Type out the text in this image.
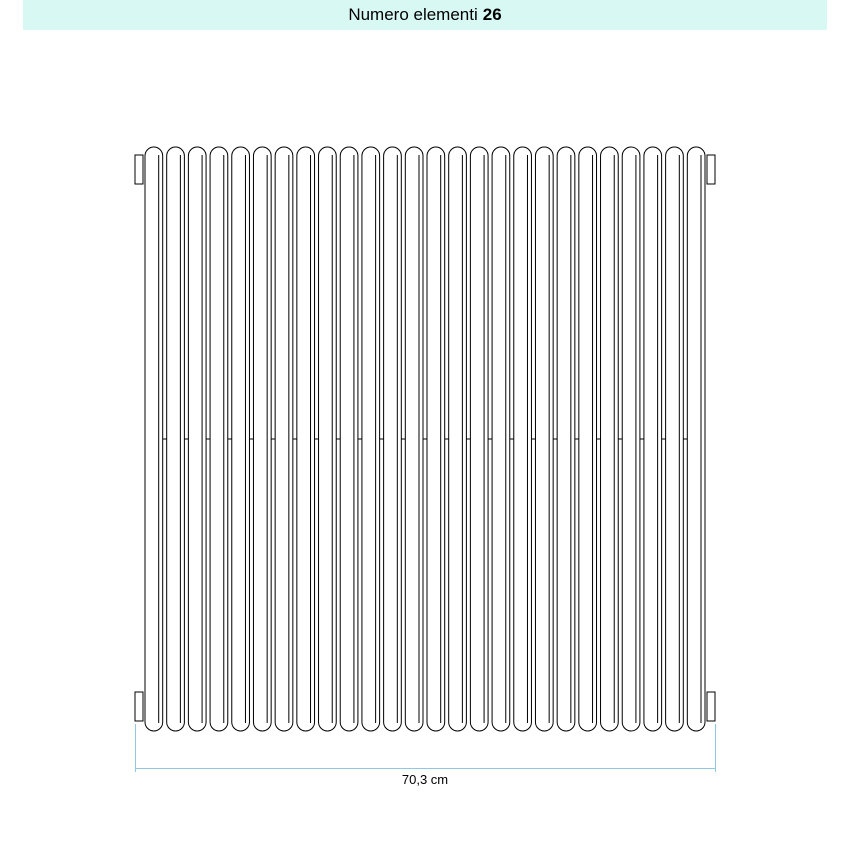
Numero elementi 26
70,3 cm
